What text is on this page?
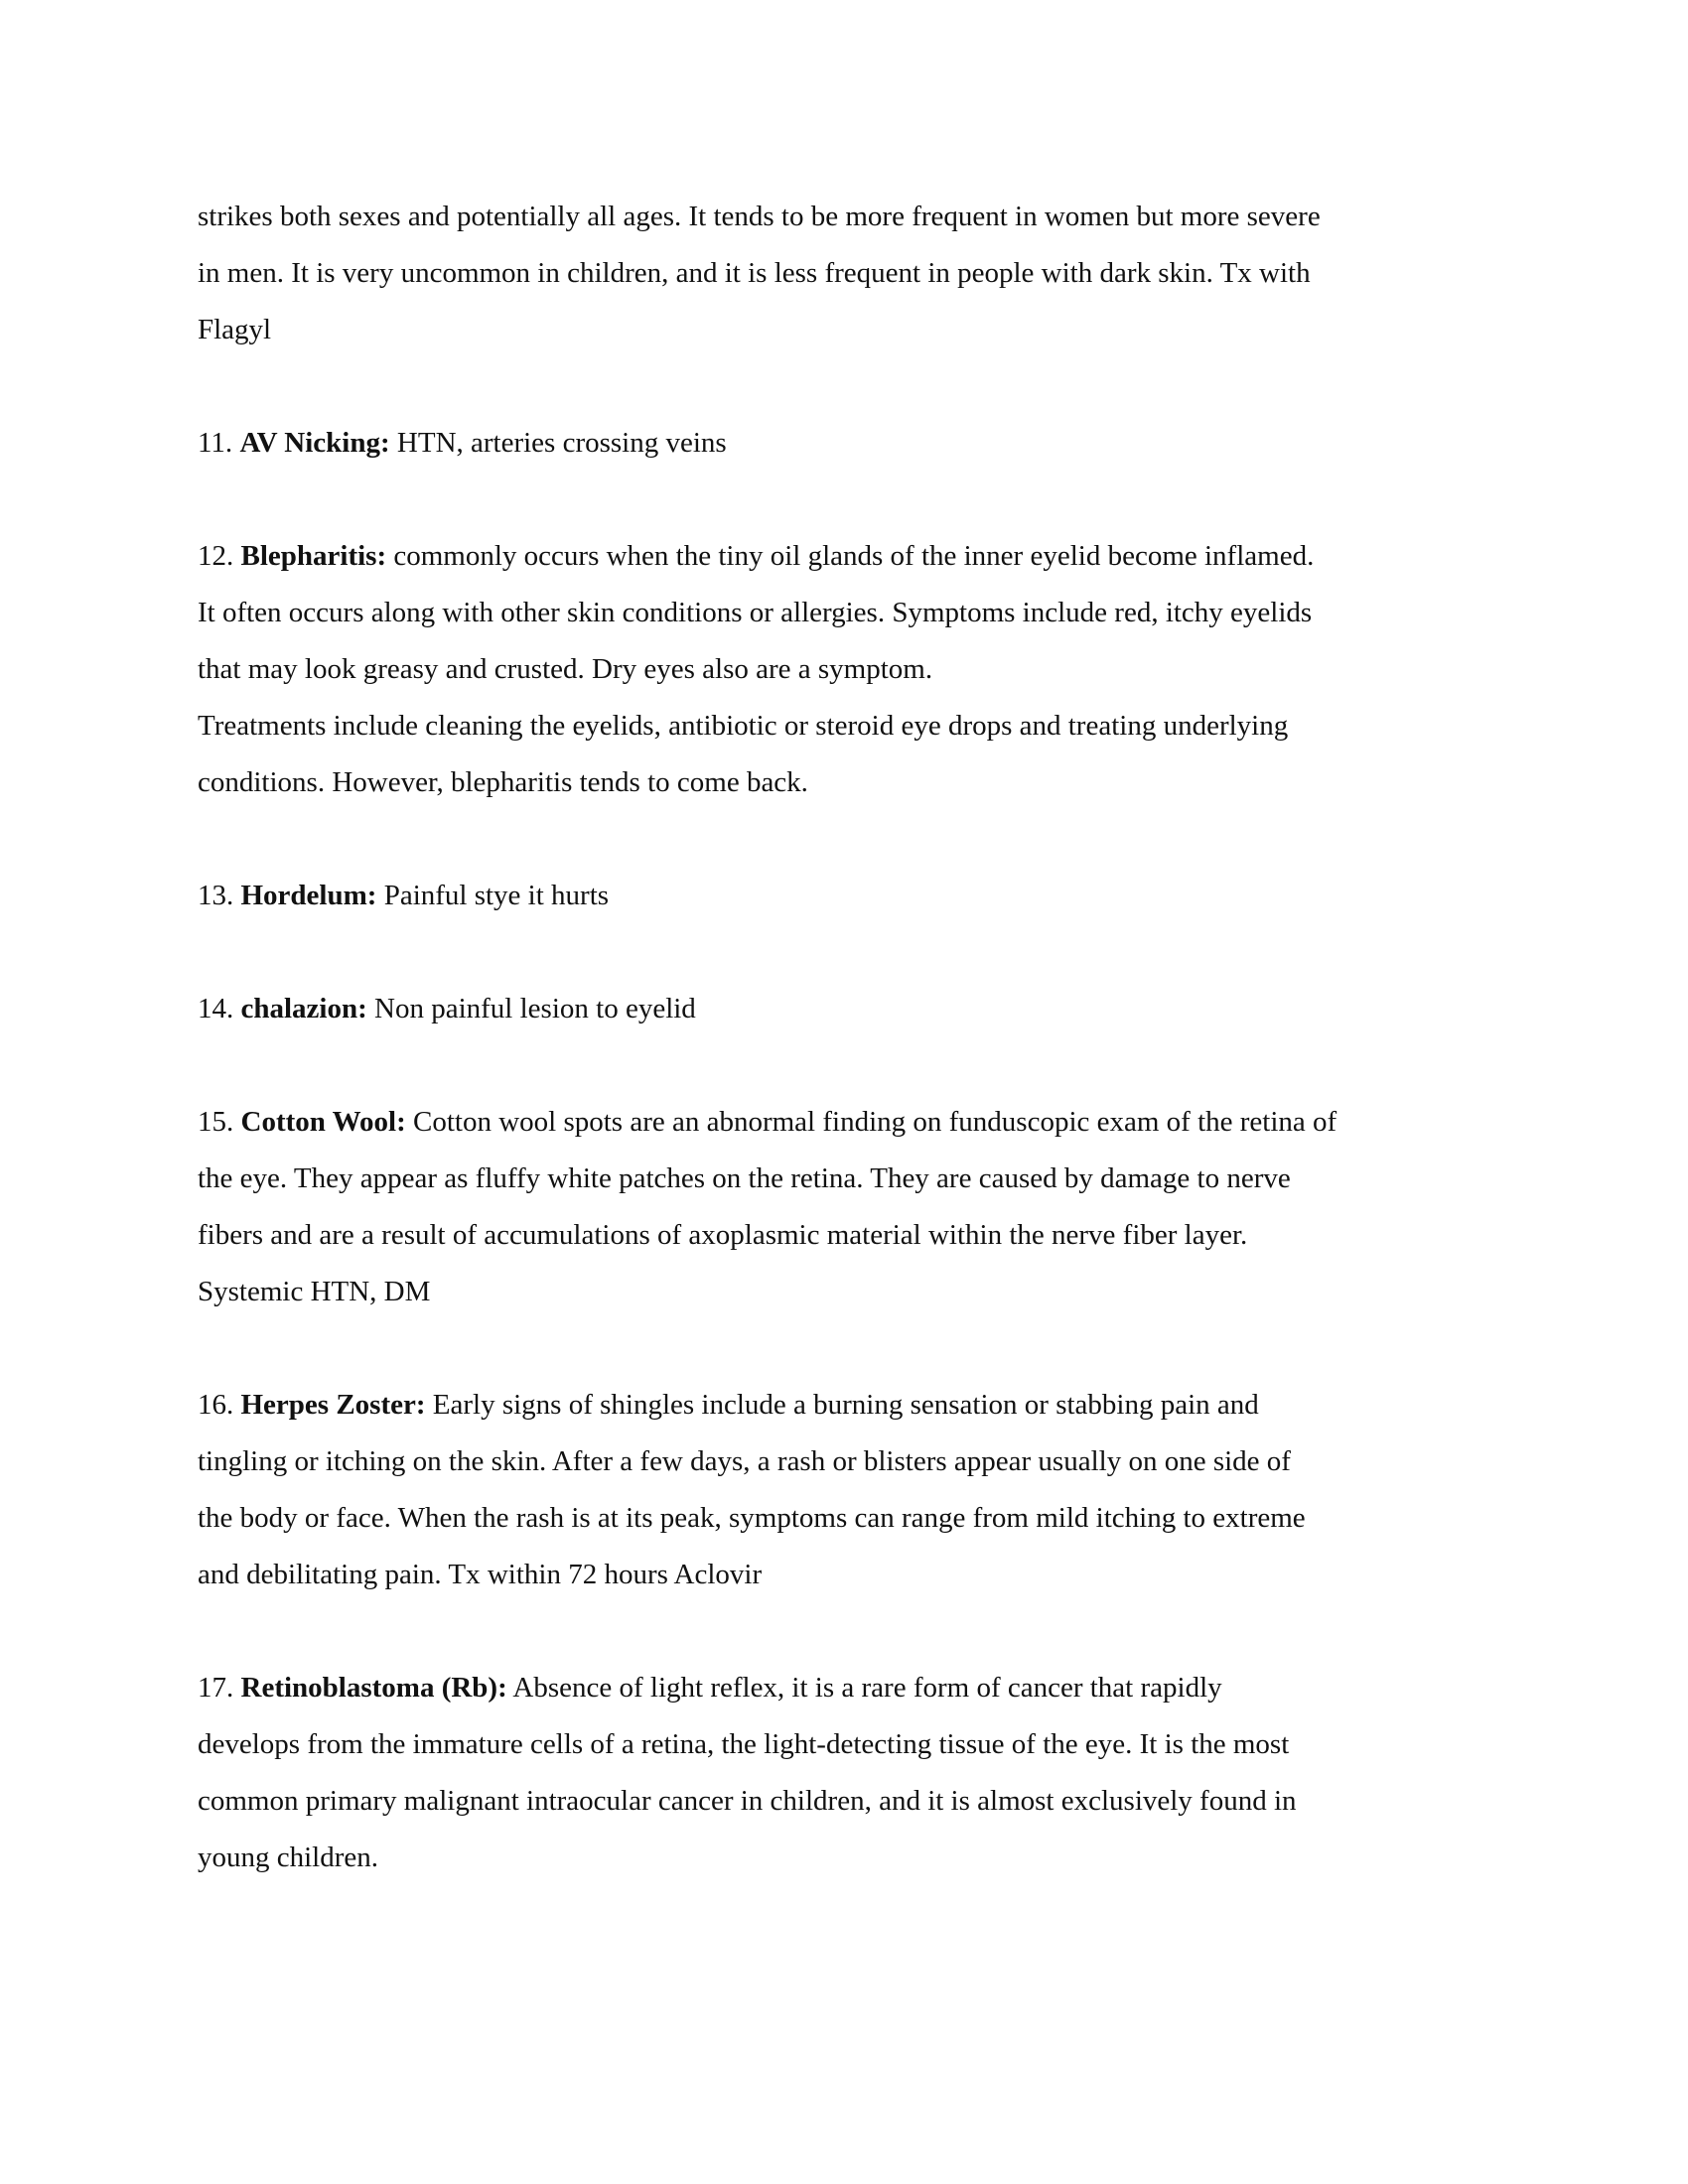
strikes both sexes and potentially all ages. It tends to be more frequent in women but more severe
in men. It is very uncommon in children, and it is less frequent in people with dark skin. Tx with
Flagyl
11. AV Nicking: HTN, arteries crossing veins
12. Blepharitis: commonly occurs when the tiny oil glands of the inner eyelid become inflamed.
It often occurs along with other skin conditions or allergies. Symptoms include red, itchy eyelids
that may look greasy and crusted. Dry eyes also are a symptom.
Treatments include cleaning the eyelids, antibiotic or steroid eye drops and treating underlying
conditions. However, blepharitis tends to come back.
13. Hordelum: Painful stye it hurts
14. chalazion: Non painful lesion to eyelid
15. Cotton Wool: Cotton wool spots are an abnormal finding on funduscopic exam of the retina of
the eye. They appear as fluffy white patches on the retina. They are caused by damage to nerve
fibers and are a result of accumulations of axoplasmic material within the nerve fiber layer.
Systemic HTN, DM
16. Herpes Zoster: Early signs of shingles include a burning sensation or stabbing pain and
tingling or itching on the skin. After a few days, a rash or blisters appear usually on one side of
the body or face. When the rash is at its peak, symptoms can range from mild itching to extreme
and debilitating pain. Tx within 72 hours Aclovir
17. Retinoblastoma (Rb): Absence of light reflex, it is a rare form of cancer that rapidly
develops from the immature cells of a retina, the light-detecting tissue of the eye. It is the most
common primary malignant intraocular cancer in children, and it is almost exclusively found in
young children.
